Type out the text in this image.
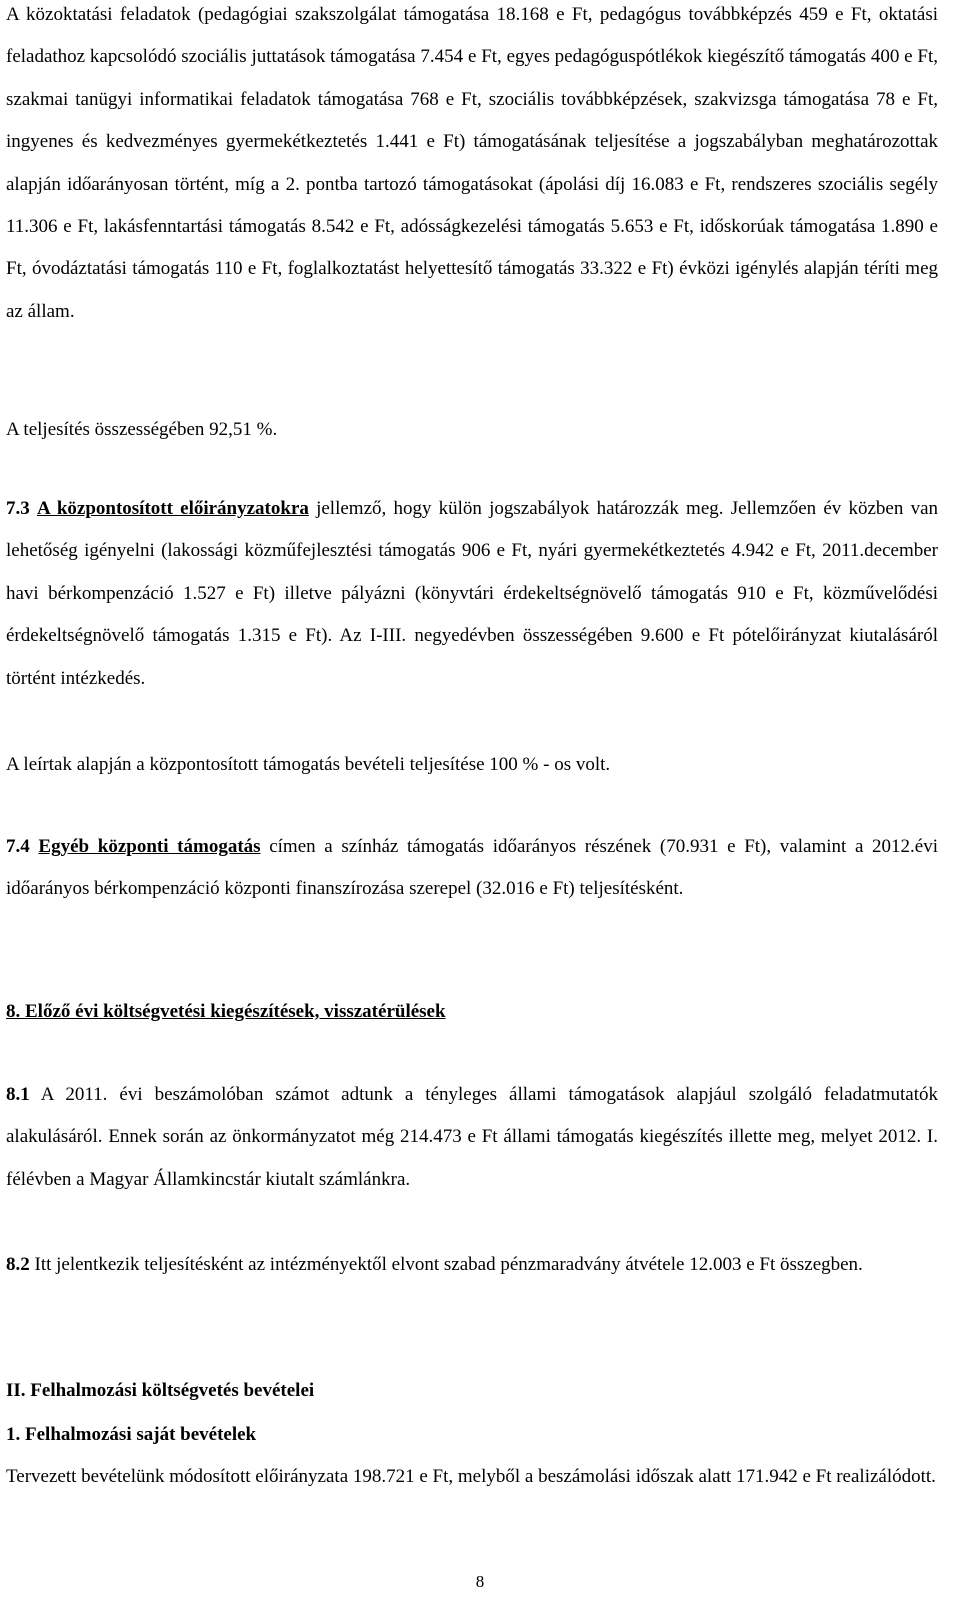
A közoktatási feladatok (pedagógiai szakszolgálat támogatása 18.168 e Ft, pedagógus továbbképzés 459 e Ft, oktatási feladathoz kapcsolódó szociális juttatások támogatása 7.454 e Ft, egyes pedagóguspótlékok kiegészítő támogatás 400 e Ft, szakmai tanügyi informatikai feladatok támogatása 768 e Ft, szociális továbbképzések, szakvizsga támogatása 78 e Ft, ingyenes és kedvezményes gyermekétkeztetés 1.441 e Ft) támogatásának teljesítése a jogszabályban meghatározottak alapján időarányosan történt, míg a 2. pontba tartozó támogatásokat (ápolási díj 16.083 e Ft, rendszeres szociális segély 11.306 e Ft, lakásfenntartási támogatás 8.542 e Ft, adósságkezelési támogatás 5.653 e Ft, időskorúak támogatása 1.890 e Ft, óvodáztatási támogatás 110 e Ft, foglalkoztatást helyettesítő támogatás 33.322 e Ft) évközi igénylés alapján téríti meg az állam.

A teljesítés összességében 92,51 %.

7.3 A központosított előirányzatokra jellemző, hogy külön jogszabályok határozzák meg. Jellemzően év közben van lehetőség igényelni (lakossági közműfejlesztési támogatás 906 e Ft, nyári gyermekétkeztetés 4.942 e Ft, 2011.december havi bérkompenzáció 1.527 e Ft) illetve pályázni (könyvtári érdekeltségnövelő támogatás 910 e Ft, közművelődési érdekeltségnövelő támogatás 1.315 e Ft). Az I-III. negyedévben összességében 9.600 e Ft pótelőirányzat kiutalásáról történt intézkedés.

A leírtak alapján a központosított támogatás bevételi teljesítése 100 % - os volt.

7.4 Egyéb központi támogatás címen a színház támogatás időarányos részének (70.931 e Ft), valamint a 2012.évi időarányos bérkompenzáció központi finanszírozása szerepel (32.016 e Ft) teljesítésként.

8. Előző évi költségvetési kiegészítések, visszatérülések

8.1 A 2011. évi beszámolóban számot adtunk a tényleges állami támogatások alapjául szolgáló feladatmutatók alakulásáról. Ennek során az önkormányzatot még 214.473 e Ft állami támogatás kiegészítés illette meg, melyet 2012. I. félévben a Magyar Államkincstár kiutalt számlánkra.

8.2 Itt jelentkezik teljesítésként az intézményektől elvont szabad pénzmaradvány átvétele 12.003 e Ft összegben.

II. Felhalmozási költségvetés bevételei

1. Felhalmozási saját bevételek

Tervezett bevételünk módosított előirányzata 198.721 e Ft, melyből a beszámolási időszak alatt 171.942 e Ft realizálódott.

8
